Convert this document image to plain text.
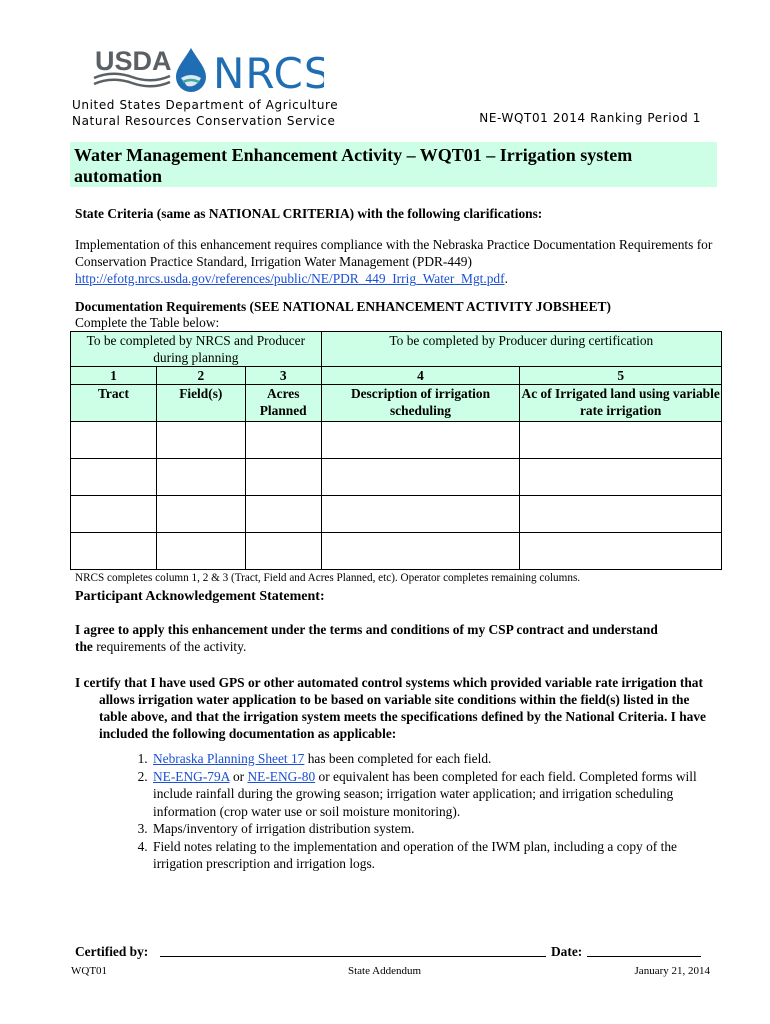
USDA NRCS
United States Department of Agriculture
Natural Resources Conservation Service	NE-WQT01 2014 Ranking Period 1
Water Management Enhancement Activity – WQT01 – Irrigation system automation
State Criteria (same as NATIONAL CRITERIA) with the following clarifications:
Implementation of this enhancement requires compliance with the Nebraska Practice Documentation Requirements for Conservation Practice Standard, Irrigation Water Management (PDR-449) http://efotg.nrcs.usda.gov/references/public/NE/PDR_449_Irrig_Water_Mgt.pdf.
Documentation Requirements (SEE NATIONAL ENHANCEMENT ACTIVITY JOBSHEET)
Complete the Table below:
To be completed by NRCS and Producer during planning			To be completed by Producer during certification	
1	2	3	4	5
Tract	Field(s)	Acres Planned	Description of irrigation scheduling	Ac of Irrigated land using variable rate irrigation

NRCS completes column 1, 2 & 3 (Tract, Field and Acres Planned, etc). Operator completes remaining columns.
Participant Acknowledgement Statement:
I agree to apply this enhancement under the terms and conditions of my CSP contract and understand the requirements of the activity.
I certify that I have used GPS or other automated control systems which provided variable rate irrigation that allows irrigation water application to be based on variable site conditions within the field(s) listed in the table above, and that the irrigation system meets the specifications defined by the National Criteria. I have included the following documentation as applicable:
1. Nebraska Planning Sheet 17 has been completed for each field.
2. NE-ENG-79A or NE-ENG-80 or equivalent has been completed for each field. Completed forms will include rainfall during the growing season; irrigation water application; and irrigation scheduling information (crop water use or soil moisture monitoring).
3. Maps/inventory of irrigation distribution system.
4. Field notes relating to the implementation and operation of the IWM plan, including a copy of the irrigation prescription and irrigation logs.
Certified by:	Date:
WQT01	State Addendum	January 21, 2014
